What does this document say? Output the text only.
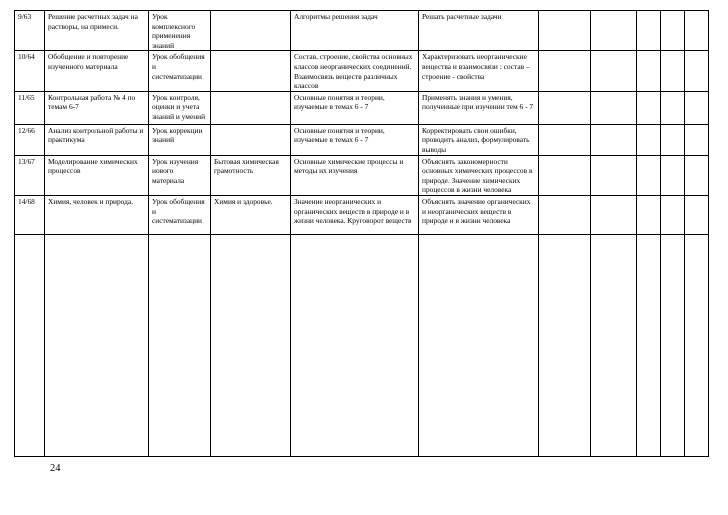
9/63	Решение расчетных задач на растворы, на примеси.	Урок комплексного применения знаний		Алгоритмы решения задач	Решать расчетные задачи					
10/64	Обобщение и повторение изученного материала	Урок обобщения и систематизации		Состав, строение, свойства основных классов неорганических соединений. Взаимосвязь веществ различных классов	Характеризовать неорганические вещества и взаимосвязи : состав – строение - свойства					
11/65	Контрольная работа № 4 по темам 6-7	Урок контроля, оценки и учета знаний и умений		Основные понятия и теории, изучаемые в темах 6 - 7	Применять знания и умения, полученные при изучении тем 6 - 7					
12/66	Анализ контрольной работы и практикума	Урок коррекции знаний		Основные понятия и теории, изучаемые в темах 6 - 7	Корректировать свои ошибки, проводить анализ, формулировать выводы					
13/67	Моделирование химических процессов	Урок изучения нового материала	Бытовая химическая грамотность	Основные химические процессы и методы их изучения	Объяснять закономерности основных химических процессов в природе. Значение химических процессов в жизни человека					
14/68	Химия, человек и природа.	Урок обобщения и систематизации	Химия и здоровье.	Значение неорганических и органических веществ в природе и в жизни человека. Круговорот веществ	Объяснять значение органических и неорганических веществ в природе и в жизни человека					

24
